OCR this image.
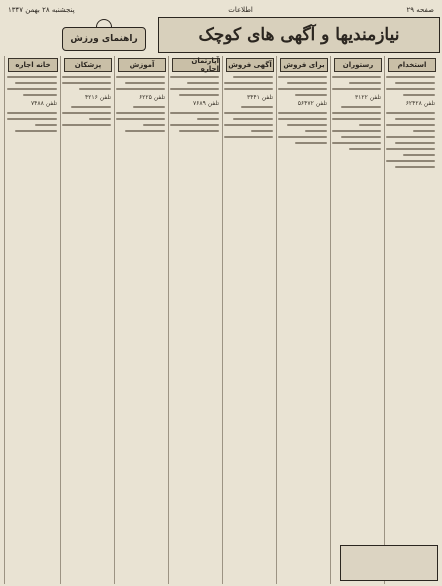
صفحه ۲۹
اطلاعات
پنجشنبه ۲۸ بهمن ۱۳۴۷
نیازمندیها و آگهی های کوچک
راهنمای ورزش
استخدام
تلفن ۶۲۴۲۸
رستوران
تلفن ۳۱۲۲
برای فروش
تلفن ۵۶۴۷۲
آگهی فروش
تلفن ۳۴۴۱
آپارتمان اجاره
تلفن ۷۶۸۹
آموزش
تلفن ۶۲۲۵
پزشکان
تلفن ۴۲۱۶
خانه اجاره
تلفن ۷۴۸۸
